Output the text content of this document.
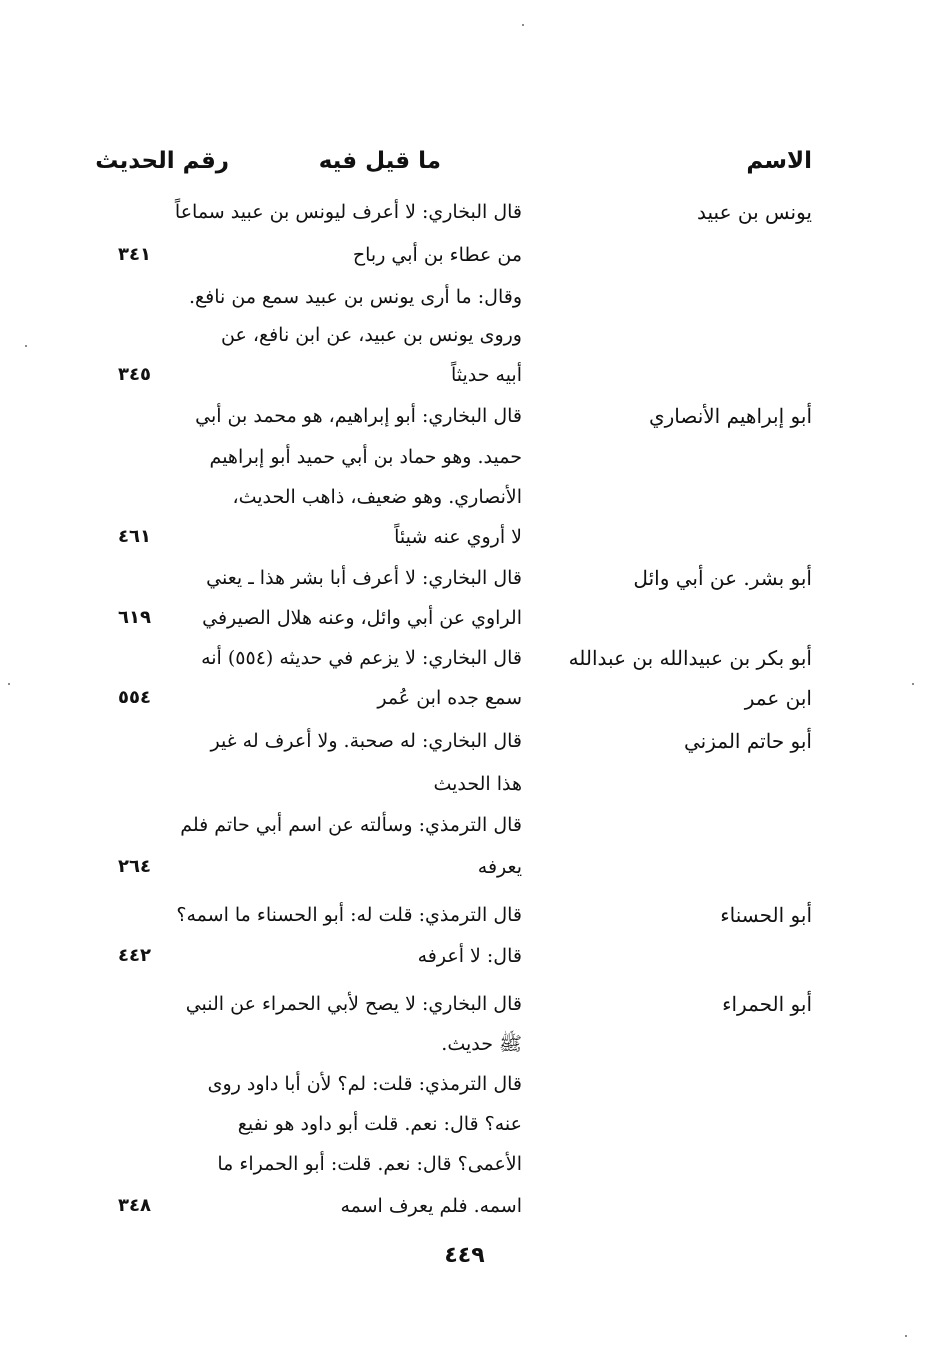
الاسم
ما قيل فيه
رقم الحديث
يونس بن عبيد
قال البخاري: لا أعرف ليونس بن عبيد سماعاً
من عطاء بن أبي رباح
٣٤١
وقال: ما أرى يونس بن عبيد سمع من نافع.
وروى يونس بن عبيد، عن ابن نافع، عن
أبيه حديثاً
٣٤٥
أبو إبراهيم الأنصاري
قال البخاري: أبو إبراهيم، هو محمد بن أبي
حميد. وهو حماد بن أبي حميد أبو إبراهيم
الأنصاري. وهو ضعيف، ذاهب الحديث،
لا أروي عنه شيئاً
٤٦١
أبو بشر. عن أبي وائل
قال البخاري: لا أعرف أبا بشر هذا ـ يعني
الراوي عن أبي وائل، وعنه هلال الصيرفي
٦١٩
أبو بكر بن عبيدالله بن عبدالله
ابن عمر
قال البخاري: لا يزعم في حديثه (٥٥٤) أنه
سمع جده ابن عُمر
٥٥٤
أبو حاتم المزني
قال البخاري: له صحبة. ولا أعرف له غير
هذا الحديث
قال الترمذي: وسألته عن اسم أبي حاتم فلم
يعرفه
٢٦٤
أبو الحسناء
قال الترمذي: قلت له: أبو الحسناء ما اسمه؟
قال: لا أعرفه
٤٤٢
أبو الحمراء
قال البخاري: لا يصح لأبي الحمراء عن النبي
ﷺ حديث.
قال الترمذي: قلت: لم؟ لأن أبا داود روى
عنه؟ قال: نعم. قلت أبو داود هو نفيع
الأعمى؟ قال: نعم. قلت: أبو الحمراء ما
اسمه. فلم يعرف اسمه
٣٤٨
٤٤٩
